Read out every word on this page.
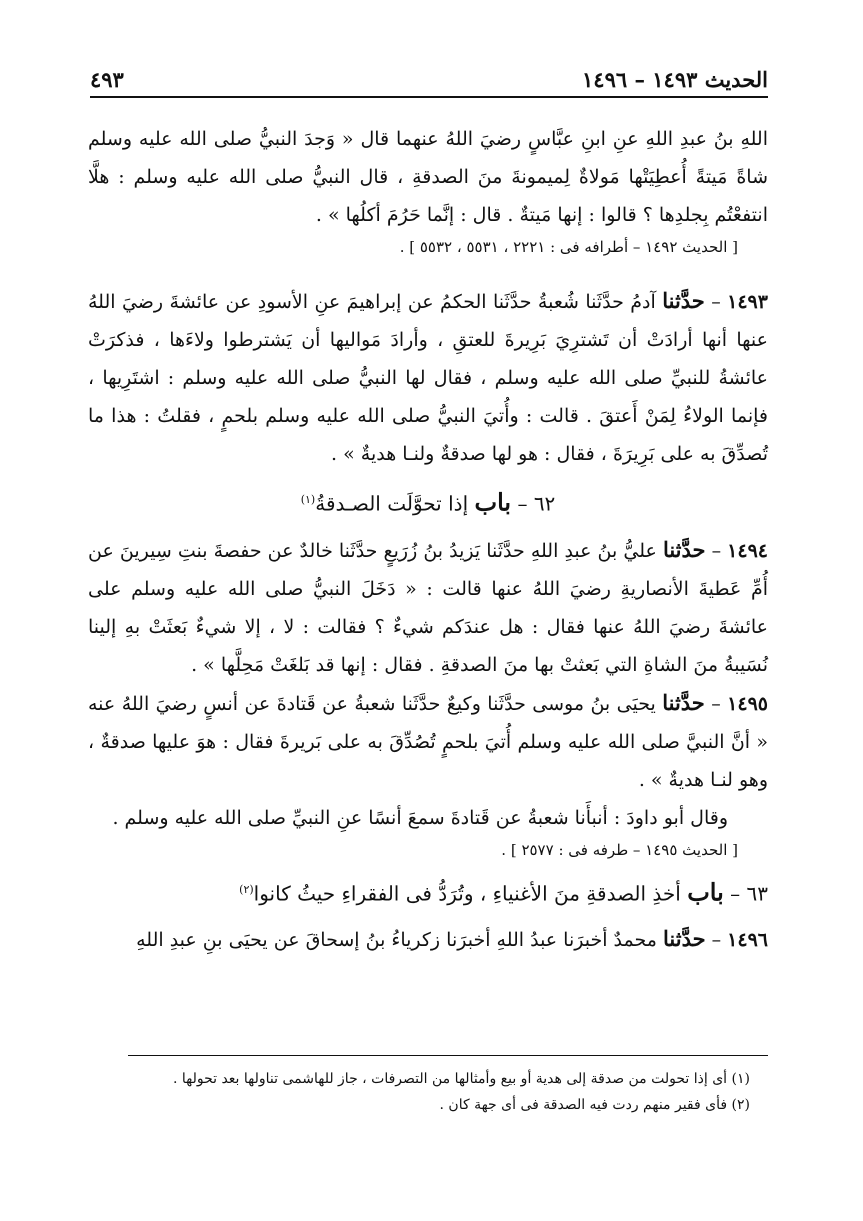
الحديث ١٤٩٣ – ١٤٩٦
٤٩٣

اللهِ بنُ عبدِ اللهِ عنِ ابنِ عبَّاسٍ رضيَ اللهُ عنهما قال « وَجدَ النبيُّ صلى الله عليه وسلم شاةً مَيتةً أُعطِيَتْها مَولاةٌ لِميمونةَ منَ الصدقةِ ، قال النبيُّ صلى الله عليه وسلم : هلَّا انتفعْتُم بِجلدِها ؟ قالوا : إنها مَيتةٌ . قال : إنَّما حَرُمَ أكلُها » .

[ الحديث ١٤٩٢ – أطرافه فى : ٢٢٢١ ، ٥٥٣١ ، ٥٥٣٢ ] .

١٤٩٣ – حدَّثنا آدمُ حدَّثَنا شُعبةُ حدَّثَنا الحكمُ عن إبراهيمَ عنِ الأسودِ عن عائشةَ رضيَ اللهُ عنها أنها أرادَتْ أن تَشترِيَ بَرِيرةَ للعتقِ ، وأرادَ مَواليها أن يَشترطوا ولاءَها ، فذكرَتْ عائشةُ للنبيِّ صلى الله عليه وسلم ، فقال لها النبيُّ صلى الله عليه وسلم : اشتَرِيها ، فإنما الولاءُ لِمَنْ أَعتقَ . قالت : وأُتيَ النبيُّ صلى الله عليه وسلم بلحمٍ ، فقلتُ : هذا ما تُصدِّقَ به على بَرِيرَةَ ، فقال : هو لها صدقةٌ ولنـا هديةٌ » .

٦٢ – باب إذا تحوَّلَت الصـدقةُ$^{(١)}$

١٤٩٤ – حدَّثنا عليُّ بنُ عبدِ اللهِ حدَّثَنا يَزيدُ بنُ زُرَيعٍ حدَّثَنا خالدٌ عن حفصةَ بنتِ سِيرينَ عن أُمِّ عَطيةَ الأنصاريةِ رضيَ اللهُ عنها قالت : « دَخَلَ النبيُّ صلى الله عليه وسلم على عائشةَ رضيَ اللهُ عنها فقال : هل عندَكم شيءٌ ؟ فقالت : لا ، إلا شيءٌ بَعثَتْ بهِ إلينا نُسَيبةُ منَ الشاةِ التي بَعثتْ بها منَ الصدقةِ . فقال : إنها قد بَلغَتْ مَحِلَّها » .

١٤٩٥ – حدَّثنا يحيَى بنُ موسى حدَّثَنا وكيعٌ حدَّثَنا شعبةُ عن قَتادةَ عن أنسٍ رضيَ اللهُ عنه « أنَّ النبيَّ صلى الله عليه وسلم أُتيَ بلحمٍ تُصُدِّقَ به على بَريرةَ فقال : هوَ عليها صدقةٌ ، وهو لنـا هديةٌ » .

وقال أبو داودَ : أنبأَنا شعبةُ عن قَتادةَ سمعَ أنسًا عنِ النبيِّ صلى الله عليه وسلم .

[ الحديث ١٤٩٥ – طرفه فى : ٢٥٧٧ ] .

٦٣ – باب أخذِ الصدقةِ منَ الأغنياءِ ، وتُرَدُّ فى الفقراءِ حيثُ كانوا$^{(٢)}$

١٤٩٦ – حدَّثنا محمدٌ أخبرَنا عبدُ اللهِ أخبرَنا زكرياءُ بنُ إسحاقَ عن يحيَى بنِ عبدِ اللهِ

(١) أى إذا تحولت من صدقة إلى هدية أو بيع وأمثالها من التصرفات ، جاز للهاشمى تناولها بعد تحولها .

(٢) فأى فقير منهم ردت فيه الصدقة فى أى جهة كان .
